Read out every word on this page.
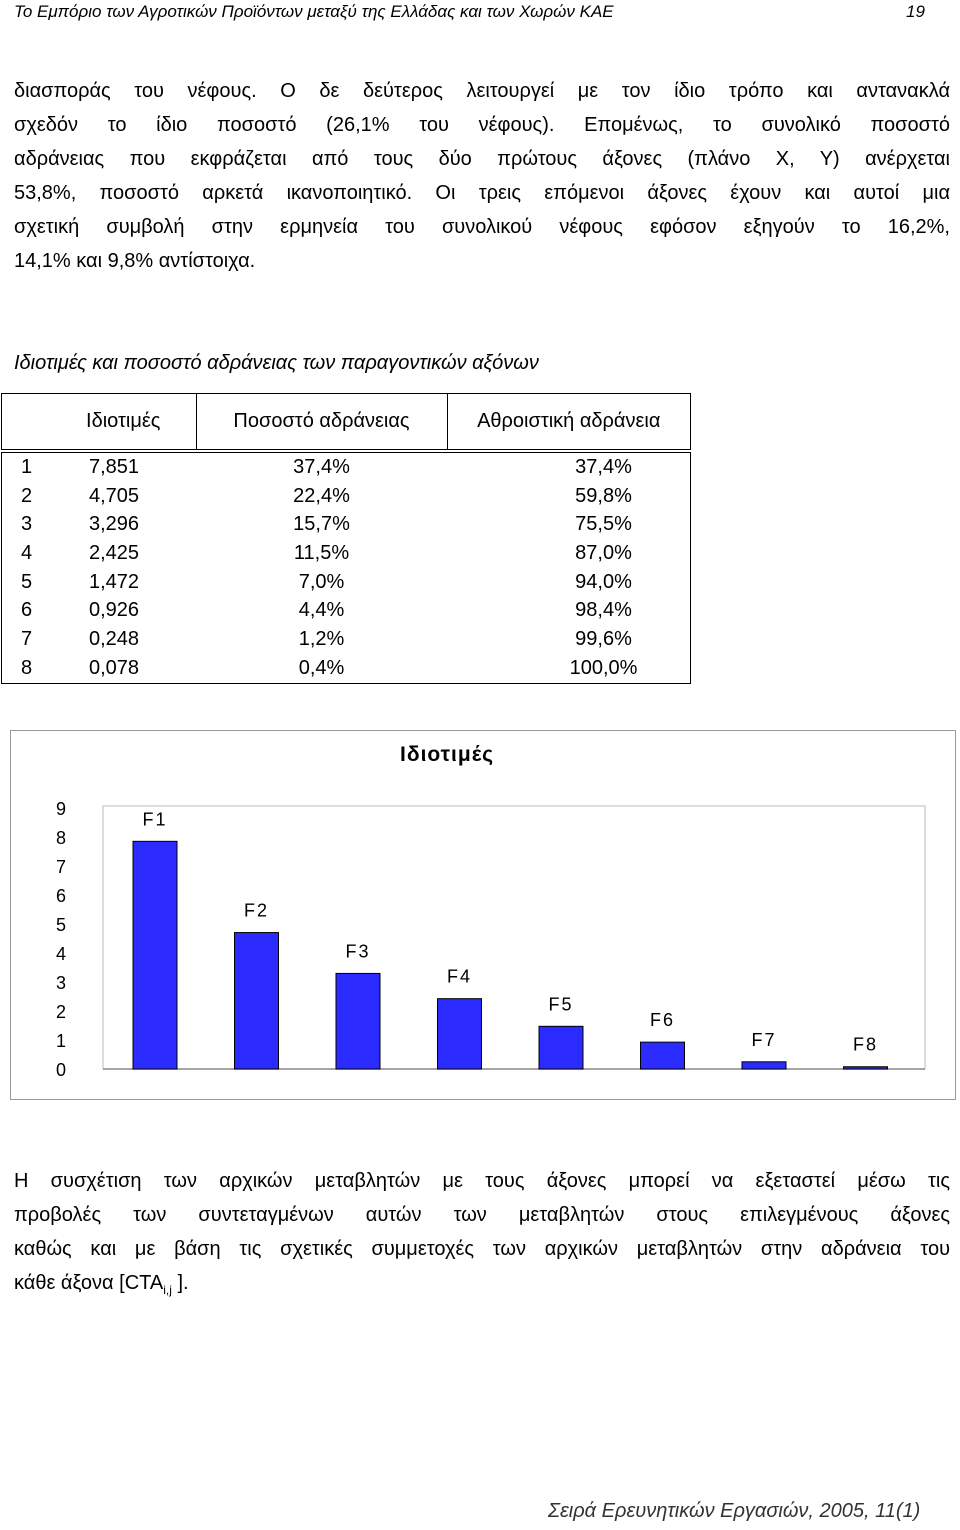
Το Εμπόριο των Αγροτικών Προϊόντων μεταξύ της Ελλάδας και των Χωρών ΚΑΕ	19
διασποράς του νέφους. Ο δε δεύτερος λειτουργεί με τον ίδιο τρόπο και αντανακλά
σχεδόν το ίδιο ποσοστό (26,1% του νέφους). Επομένως, το συνολικό ποσοστό
αδράνειας που εκφράζεται από τους δύο πρώτους άξονες (πλάνο Χ, Υ) ανέρχεται
53,8%, ποσοστό αρκετά ικανοποιητικό. Οι τρεις επόμενοι άξονες έχουν και αυτοί μια
σχετική συμβολή στην ερμηνεία του συνολικού νέφους εφόσον εξηγούν το 16,2%,
14,1% και 9,8% αντίστοιχα.
Ιδιοτιμές και ποσοστό αδράνειας των παραγοντικών αξόνων
	Ιδιοτιμές	Ποσοστό αδράνειας	Αθροιστική αδράνεια

1	7,851	37,4%	37,4%
2	4,705	22,4%	59,8%
3	3,296	15,7%	75,5%
4	2,425	11,5%	87,0%
5	1,472	7,0%	94,0%
6	0,926	4,4%	98,4%
7	0,248	1,2%	99,6%
8	0,078	0,4%	100,0%
Ιδιοτιμές
0
1
2
3
4
5
6
7
8
9
F1
F2
F3
F4
F5
F6
F7	F8
Η συσχέτιση των αρχικών μεταβλητών με τους άξονες μπορεί να εξεταστεί μέσω τις
προβολές των συντεταγμένων αυτών των μεταβλητών στους επιλεγμένους άξονες
καθώς και με βάση τις σχετικές συμμετοχές των αρχικών μεταβλητών στην αδράνεια του
κάθε άξονα [$CTA_{i,j}$ ].
Σειρά Ερευνητικών Εργασιών, 2005, 11(1)
